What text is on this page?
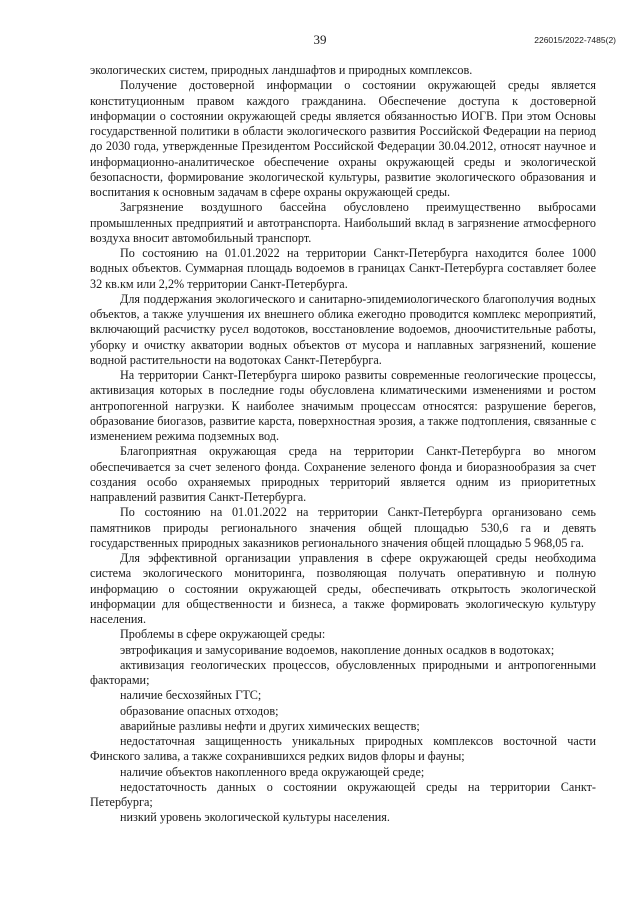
39	226015/2022-7485(2)

экологических систем, природных ландшафтов и природных комплексов.

Получение достоверной информации о состоянии окружающей среды является конституционным правом каждого гражданина. Обеспечение доступа к достоверной информации о состоянии окружающей среды является обязанностью ИОГВ. При этом Основы государственной политики в области экологического развития Российской Федерации на период до 2030 года, утвержденные Президентом Российской Федерации 30.04.2012, относят научное и информационно-аналитическое обеспечение охраны окружающей среды и экологической безопасности, формирование экологической культуры, развитие экологического образования и воспитания к основным задачам в сфере охраны окружающей среды.

Загрязнение воздушного бассейна обусловлено преимущественно выбросами промышленных предприятий и автотранспорта. Наибольший вклад в загрязнение атмосферного воздуха вносит автомобильный транспорт.

По состоянию на 01.01.2022 на территории Санкт-Петербурга находится более 1000 водных объектов. Суммарная площадь водоемов в границах Санкт-Петербурга составляет более 32 кв.км или 2,2% территории Санкт-Петербурга.

Для поддержания экологического и санитарно-эпидемиологического благополучия водных объектов, а также улучшения их внешнего облика ежегодно проводится комплекс мероприятий, включающий расчистку русел водотоков, восстановление водоемов, дноочистительные работы, уборку и очистку акватории водных объектов от мусора и наплавных загрязнений, кошение водной растительности на водотоках Санкт-Петербурга.

На территории Санкт-Петербурга широко развиты современные геологические процессы, активизация которых в последние годы обусловлена климатическими изменениями и ростом антропогенной нагрузки. К наиболее значимым процессам относятся: разрушение берегов, образование биогазов, развитие карста, поверхностная эрозия, а также подтопления, связанные с изменением режима подземных вод.

Благоприятная окружающая среда на территории Санкт-Петербурга во многом обеспечивается за счет зеленого фонда. Сохранение зеленого фонда и биоразнообразия за счет создания особо охраняемых природных территорий является одним из приоритетных направлений развития Санкт-Петербурга.

По состоянию на 01.01.2022 на территории Санкт-Петербурга организовано семь памятников природы регионального значения общей площадью 530,6 га и девять государственных природных заказников регионального значения общей площадью 5 968,05 га.

Для эффективной организации управления в сфере окружающей среды необходима система экологического мониторинга, позволяющая получать оперативную и полную информацию о состоянии окружающей среды, обеспечивать открытость экологической информации для общественности и бизнеса, а также формировать экологическую культуру населения.

Проблемы в сфере окружающей среды:

эвтрофикация и замусоривание водоемов, накопление донных осадков в водотоках;

активизация геологических процессов, обусловленных природными и антропогенными факторами;

наличие бесхозяйных ГТС;

образование опасных отходов;

аварийные разливы нефти и других химических веществ;

недостаточная защищенность уникальных природных комплексов восточной части Финского залива, а также сохранившихся редких видов флоры и фауны;

наличие объектов накопленного вреда окружающей среде;

недостаточность данных о состоянии окружающей среды на территории Санкт-Петербурга;

низкий уровень экологической культуры населения.
